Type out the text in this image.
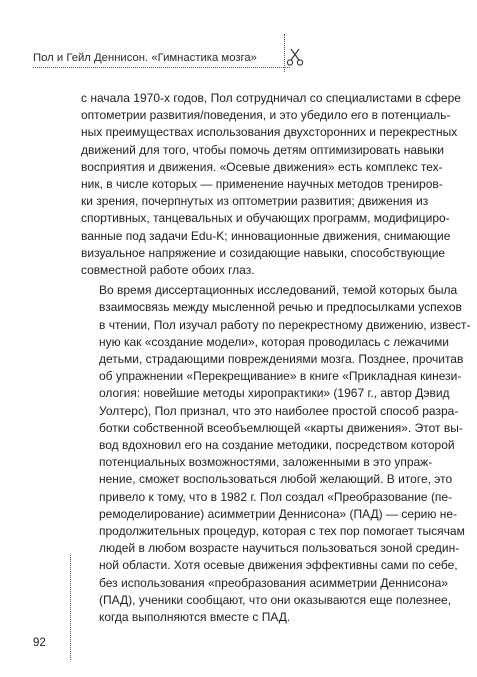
Пол и Гейл Деннисон. «Гимнастика мозга»

с начала 1970-х годов, Пол сотрудничал со специалистами в сфере
оптометрии развития/поведения, и это убедило его в потенциаль-
ных преимуществах использования двухсторонних и перекрестных
движений для того, чтобы помочь детям оптимизировать навыки
восприятия и движения. «Осевые движения» есть комплекс тех-
ник, в числе которых — применение научных методов трениров-
ки зрения, почерпнутых из оптометрии развития; движения из
спортивных, танцевальных и обучающих программ, модифициро-
ванные под задачи Edu-K; инновационные движения, снимающие
визуальное напряжение и созидающие навыки, способствующие
совместной работе обоих глаз.

Во время диссертационных исследований, темой которых была
взаимосвязь между мысленной речью и предпосылками успехов
в чтении, Пол изучал работу по перекрестному движению, извест-
ную как «создание модели», которая проводилась с лежачими
детьми, страдающими повреждениями мозга. Позднее, прочитав
об упражнении «Перекрещивание» в книге «Прикладная кинези-
ология: новейшие методы хиропрактики» (1967 г., автор Дэвид
Уолтерс), Пол признал, что это наиболее простой способ разра-
ботки собственной всеобъемлющей «карты движения». Этот вы-
вод вдохновил его на создание методики, посредством которой
потенциальных возможностями, заложенными в это упраж-
нение, сможет воспользоваться любой желающий. В итоге, это
привело к тому, что в 1982 г. Пол создал «Преобразование (пе-
ремоделирование) асимметрии Деннисона» (ПАД) — серию не-
продолжительных процедур, которая с тех пор помогает тысячам
людей в любом возрасте научиться пользоваться зоной средин-
ной области. Хотя осевые движения эффективны сами по себе,
без использования «преобразования асимметрии Деннисона»
(ПАД), ученики сообщают, что они оказываются еще полезнее,
когда выполняются вместе с ПАД.

92
